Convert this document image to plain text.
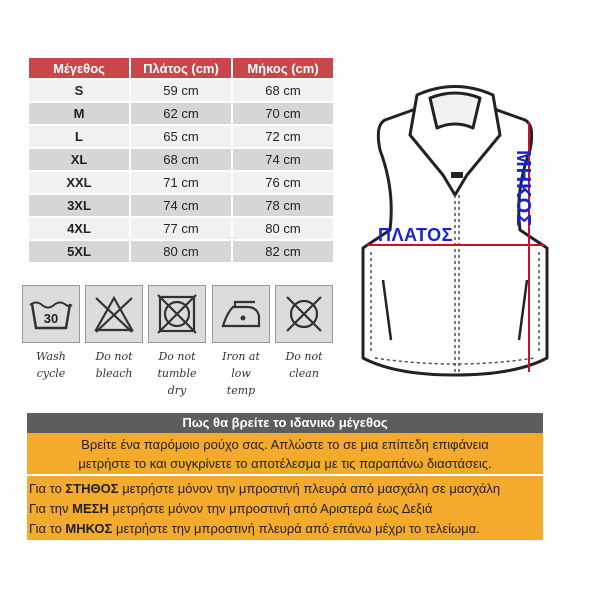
Μέγεθος	Πλάτος (cm)	Μήκος (cm)
S	59 cm	68 cm
M	62 cm	70 cm
L	65 cm	72 cm
XL	68 cm	74 cm
XXL	71 cm	76 cm
3XL	74 cm	78 cm
4XL	77 cm	80 cm
5XL	80 cm	82 cm
30
Wash
cycle
Do not
bleach
Do not
tumble
dry
Iron at
low
temp
Do not
clean
ΠΛΑΤΟΣ
ΜΗΚΟΣ
Πως θα βρείτε το ιδανικό μέγεθος
Βρείτε ένα παρόμοιο ρούχο σας. Απλώστε το σε μια επίπεδη επιφάνεια
μετρήστε το και συγκρίνετε το αποτέλεσμα με τις παραπάνω διαστάσεις.
Για το ΣΤΗΘΟΣ μετρήστε μόνον την μπροστινή πλευρά από μασχάλη σε μασχάλη
Για την ΜΕΣΗ μετρήστε μόνον την μπροστινή από Αριστερά έως Δεξιά
Για το ΜΗΚΟΣ μετρήστε την μπροστινή πλευρά από επάνω μέχρι το τελείωμα.
